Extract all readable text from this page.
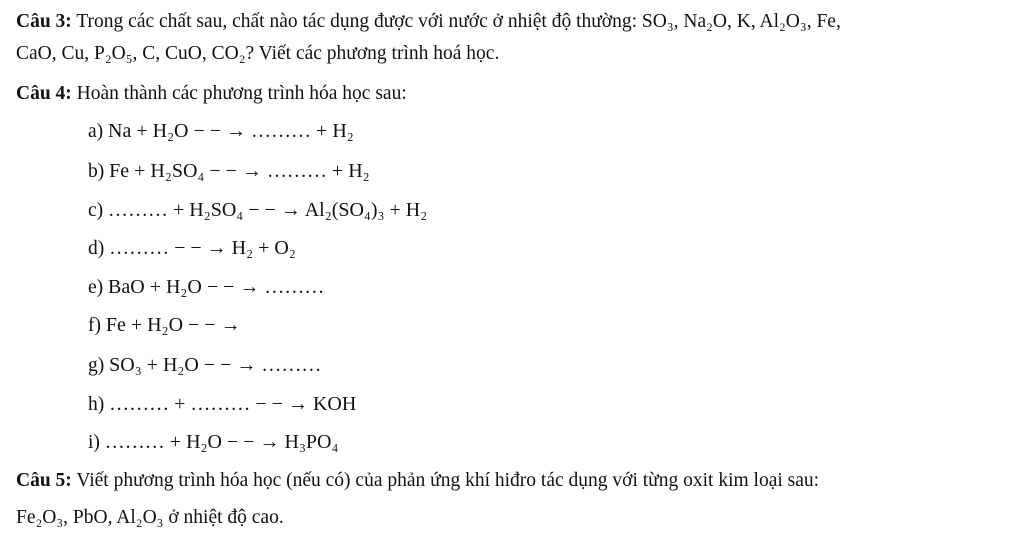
Câu 3: Trong các chất sau, chất nào tác dụng được với nước ở nhiệt độ thường: SO₃, Na₂O, K, Al₂O₃, Fe,
CaO, Cu, P₂O₅, C, CuO, CO₂? Viết các phương trình hoá học.
Câu 4: Hoàn thành các phương trình hóa học sau:
a) Na + H₂O − − → ……… + H₂
b) Fe + H₂SO₄ − − → ……… + H₂
c) ……… + H₂SO₄ − − → Al₂(SO₄)₃ + H₂
d) ……… − − → H₂ + O₂
e) BaO + H₂O − − → ………
f) Fe + H₂O − − →
g) SO₃ + H₂O − − → ………
h) ……… + ……… − − → KOH
i) ……… + H₂O − − → H₃PO₄
Câu 5: Viết phương trình hóa học (nếu có) của phản ứng khí hiđro tác dụng với từng oxit kim loại sau:
Fe₂O₃, PbO, Al₂O₃ ở nhiệt độ cao.
